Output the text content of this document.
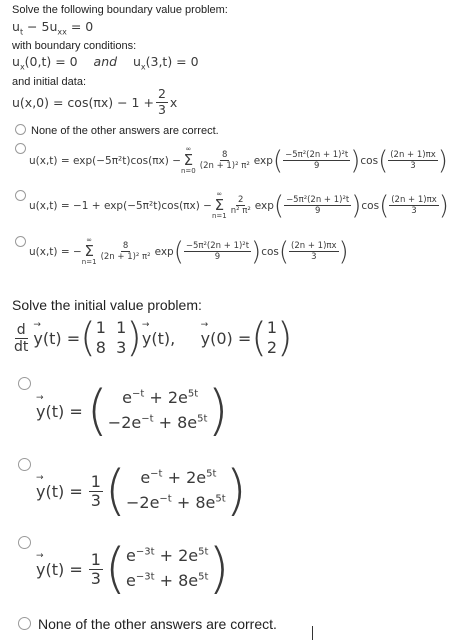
Solve the following boundary value problem:
$u_t - 5u_{xx} = 0$
with boundary conditions:
$u_x(0,t) = 0$    and    $u_x(3,t) = 0$
and initial data:
$u(x,0) = \cos(\pi x) - 1 + \frac{2}{3}$ x
None of the other answers are correct.
u(x,t) = exp(−5π²t)cos(πx) −
∞
Σ
n=0
$\frac{8}{\text{(2n + 1)² π²}}$ exp ( $\frac{\text{−5π²(2n + 1)²t}}{9}$ ) cos ( $\frac{(2n + 1)\pi x}{3}$ )
u(x,t) = −1 + exp(−5π²t)cos(πx) −
∞
Σ
n=1
$\frac{2}{\text{n² π²}}$ exp ( $\frac{\text{−5π²(2n + 1)²t}}{9}$ ) cos ( $\frac{(2n + 1)\pi x}{3}$ )
u(x,t) = −
∞
Σ
n=1
$\frac{8}{\text{(2n + 1)² π²}}$ exp ( $\frac{\text{−5π²(2n + 1)²t}}{9}$ ) cos ( $\frac{(2n + 1)\pi x}{3}$ )
Solve the initial value problem:
$\frac{d}{dt}$
→ y (t) = ( 1  1
8  3 )
→ y (t),
→ y (0) = ( 1
2 )
→ y (t) = ( $e^{-t} + 2e^{5t}$
$-2e^{-t} + 8e^{5t}$ )
→ y $(t) = \frac{1}{3}$ ( $e^{-t} + 2e^{5t}$
$-2e^{-t} + 8e^{5t}$ )
→ y $(t) = \frac{1}{3}$ ( $e^{-3t} + 2e^{5t}$
$e^{-3t} + 8e^{5t}$ )
None of the other answers are correct.
